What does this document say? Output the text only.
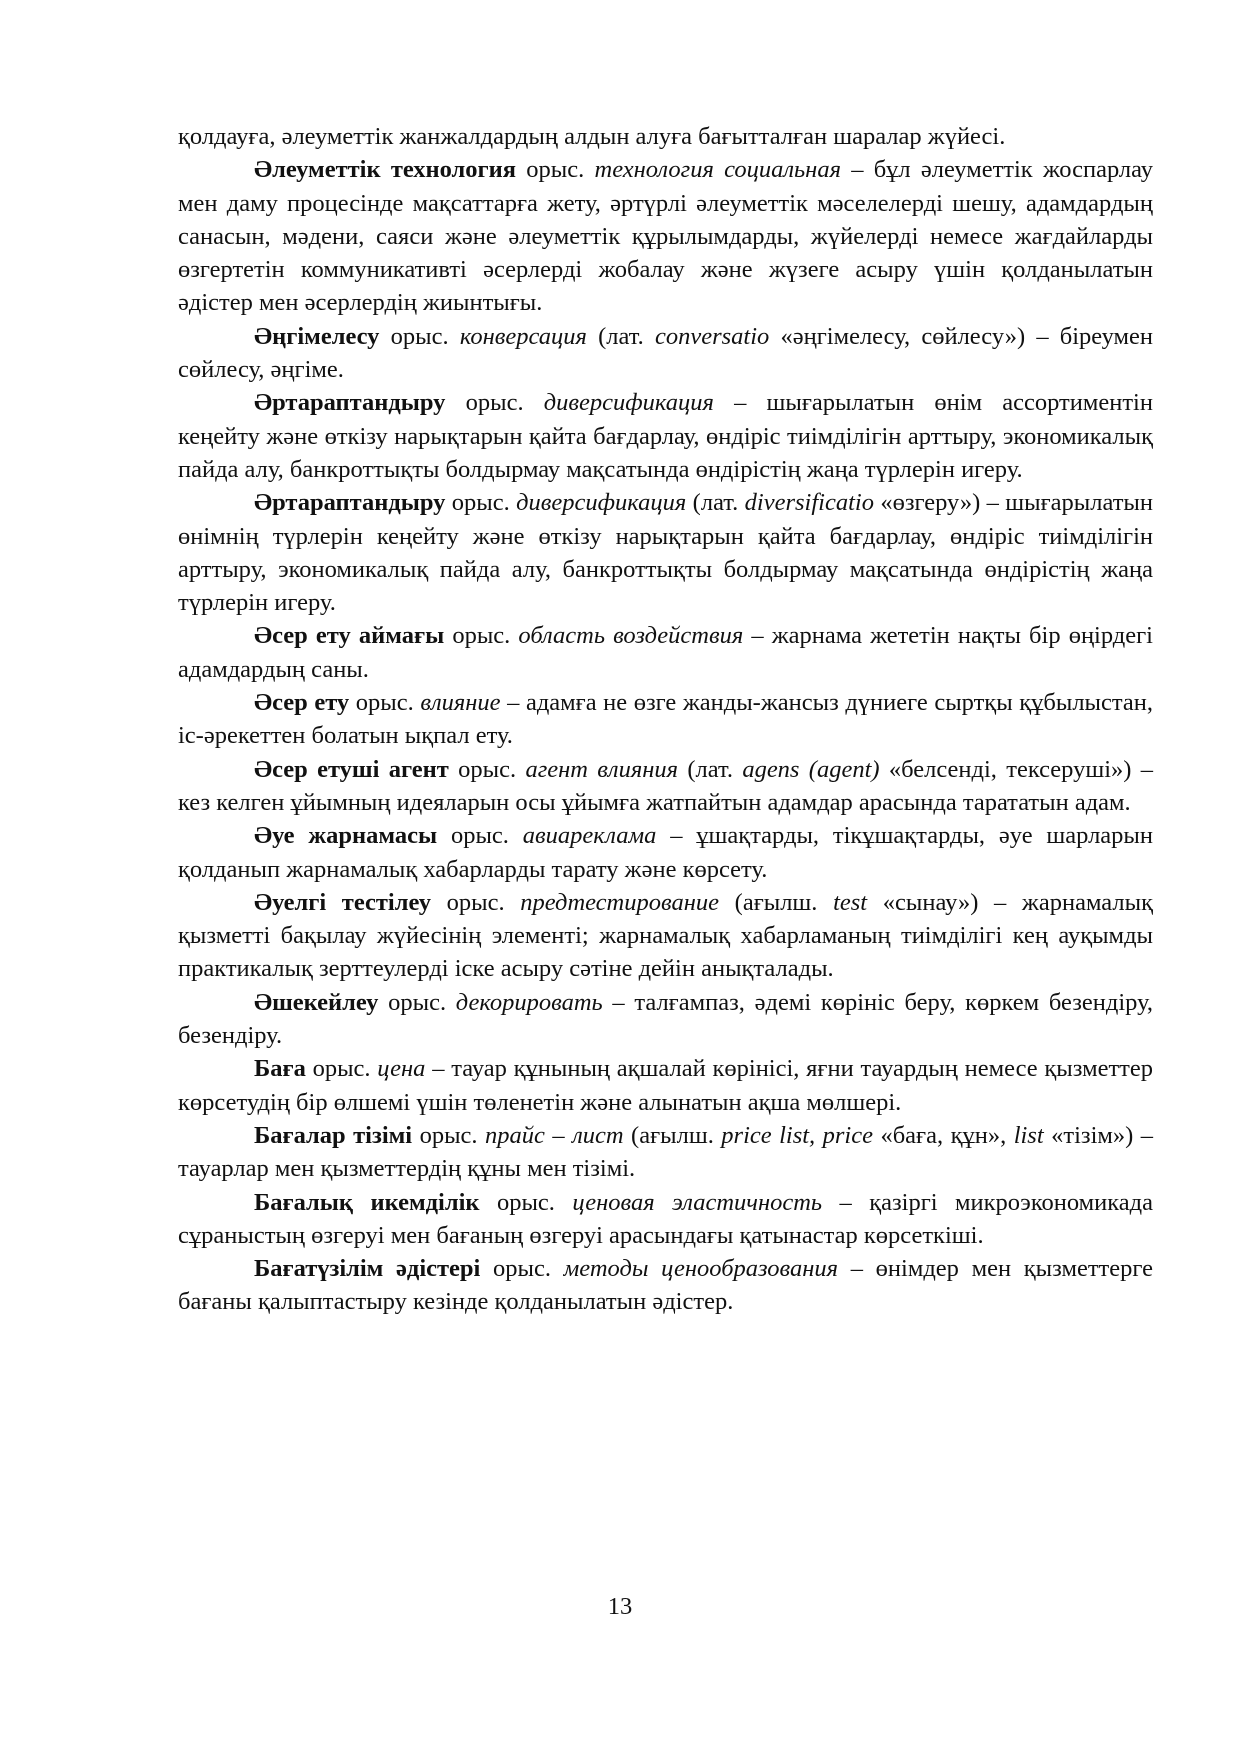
қолдауға, әлеуметтік жанжалдардың алдын алуға бағытталған шаралар жүйесі.

Әлеуметтік технология орыс. технология социальная – бұл әлеуметтік жоспарлау мен даму процесінде мақсаттарға жету, әртүрлі әлеуметтік мәселелерді шешу, адамдардың санасын, мәдени, саяси және әлеуметтік құрылымдарды, жүйелерді немесе жағдайларды өзгертетін коммуникативті әсерлерді жобалау және жүзеге асыру үшін қолданылатын әдістер мен әсерлердің жиынтығы.

Әңгімелесу орыс. конверсация (лат. conversatio «әңгімелесу, сөйлесу») – біреумен сөйлесу, әңгіме.

Әртараптандыру орыс. диверсификация – шығарылатын өнім ассортиментін кеңейту және өткізу нарықтарын қайта бағдарлау, өндіріс тиімділігін арттыру, экономикалық пайда алу, банкроттықты болдырмау мақсатында өндірістің жаңа түрлерін игеру.

Әртараптандыру орыс. диверсификация (лат. diversificatio «өзгеру») – шығарылатын өнімнің түрлерін кеңейту және өткізу нарықтарын қайта бағдарлау, өндіріс тиімділігін арттыру, экономикалық пайда алу, банкроттықты болдырмау мақсатында өндірістің жаңа түрлерін игеру.

Әсер ету аймағы орыс. область воздействия – жарнама жететін нақты бір өңірдегі адамдардың саны.

Әсер ету орыс. влияние – адамға не өзге жанды-жансыз дүниеге сыртқы құбылыстан, іс-әрекеттен болатын ықпал ету.

Әсер етуші агент орыс. агент влияния (лат. agens (agent) «белсенді, тексеруші») – кез келген ұйымның идеяларын осы ұйымға жатпайтын адамдар арасында тарататын адам.

Әуе жарнамасы орыс. авиареклама – ұшақтарды, тікұшақтарды, әуе шарларын қолданып жарнамалық хабарларды тарату және көрсету.

Әуелгі тестілеу орыс. предтестирование (ағылш. test «сынау») – жарнамалық қызметті бақылау жүйесінің элементі; жарнамалық хабарламаның тиімділігі кең ауқымды практикалық зерттеулерді іске асыру сәтіне дейін анықталады.

Әшекейлеу орыс. декорировать – талғампаз, әдемі көрініс беру, көркем безендіру, безендіру.

Баға орыс. цена – тауар құнының ақшалай көрінісі, яғни тауардың немесе қызметтер көрсетудің бір өлшемі үшін төленетін және алынатын ақша мөлшері.

Бағалар тізімі орыс. прайс – лист (ағылш. price list, price «баға, құн», list «тізім») – тауарлар мен қызметтердің құны мен тізімі.

Бағалық икемділік орыс. ценовая эластичность – қазіргі микроэкономикада сұраныстың өзгеруі мен бағаның өзгеруі арасындағы қатынастар көрсеткіші.

Бағатүзілім әдістері орыс. методы ценообразования – өнімдер мен қызметтерге бағаны қалыптастыру кезінде қолданылатын әдістер.

13
